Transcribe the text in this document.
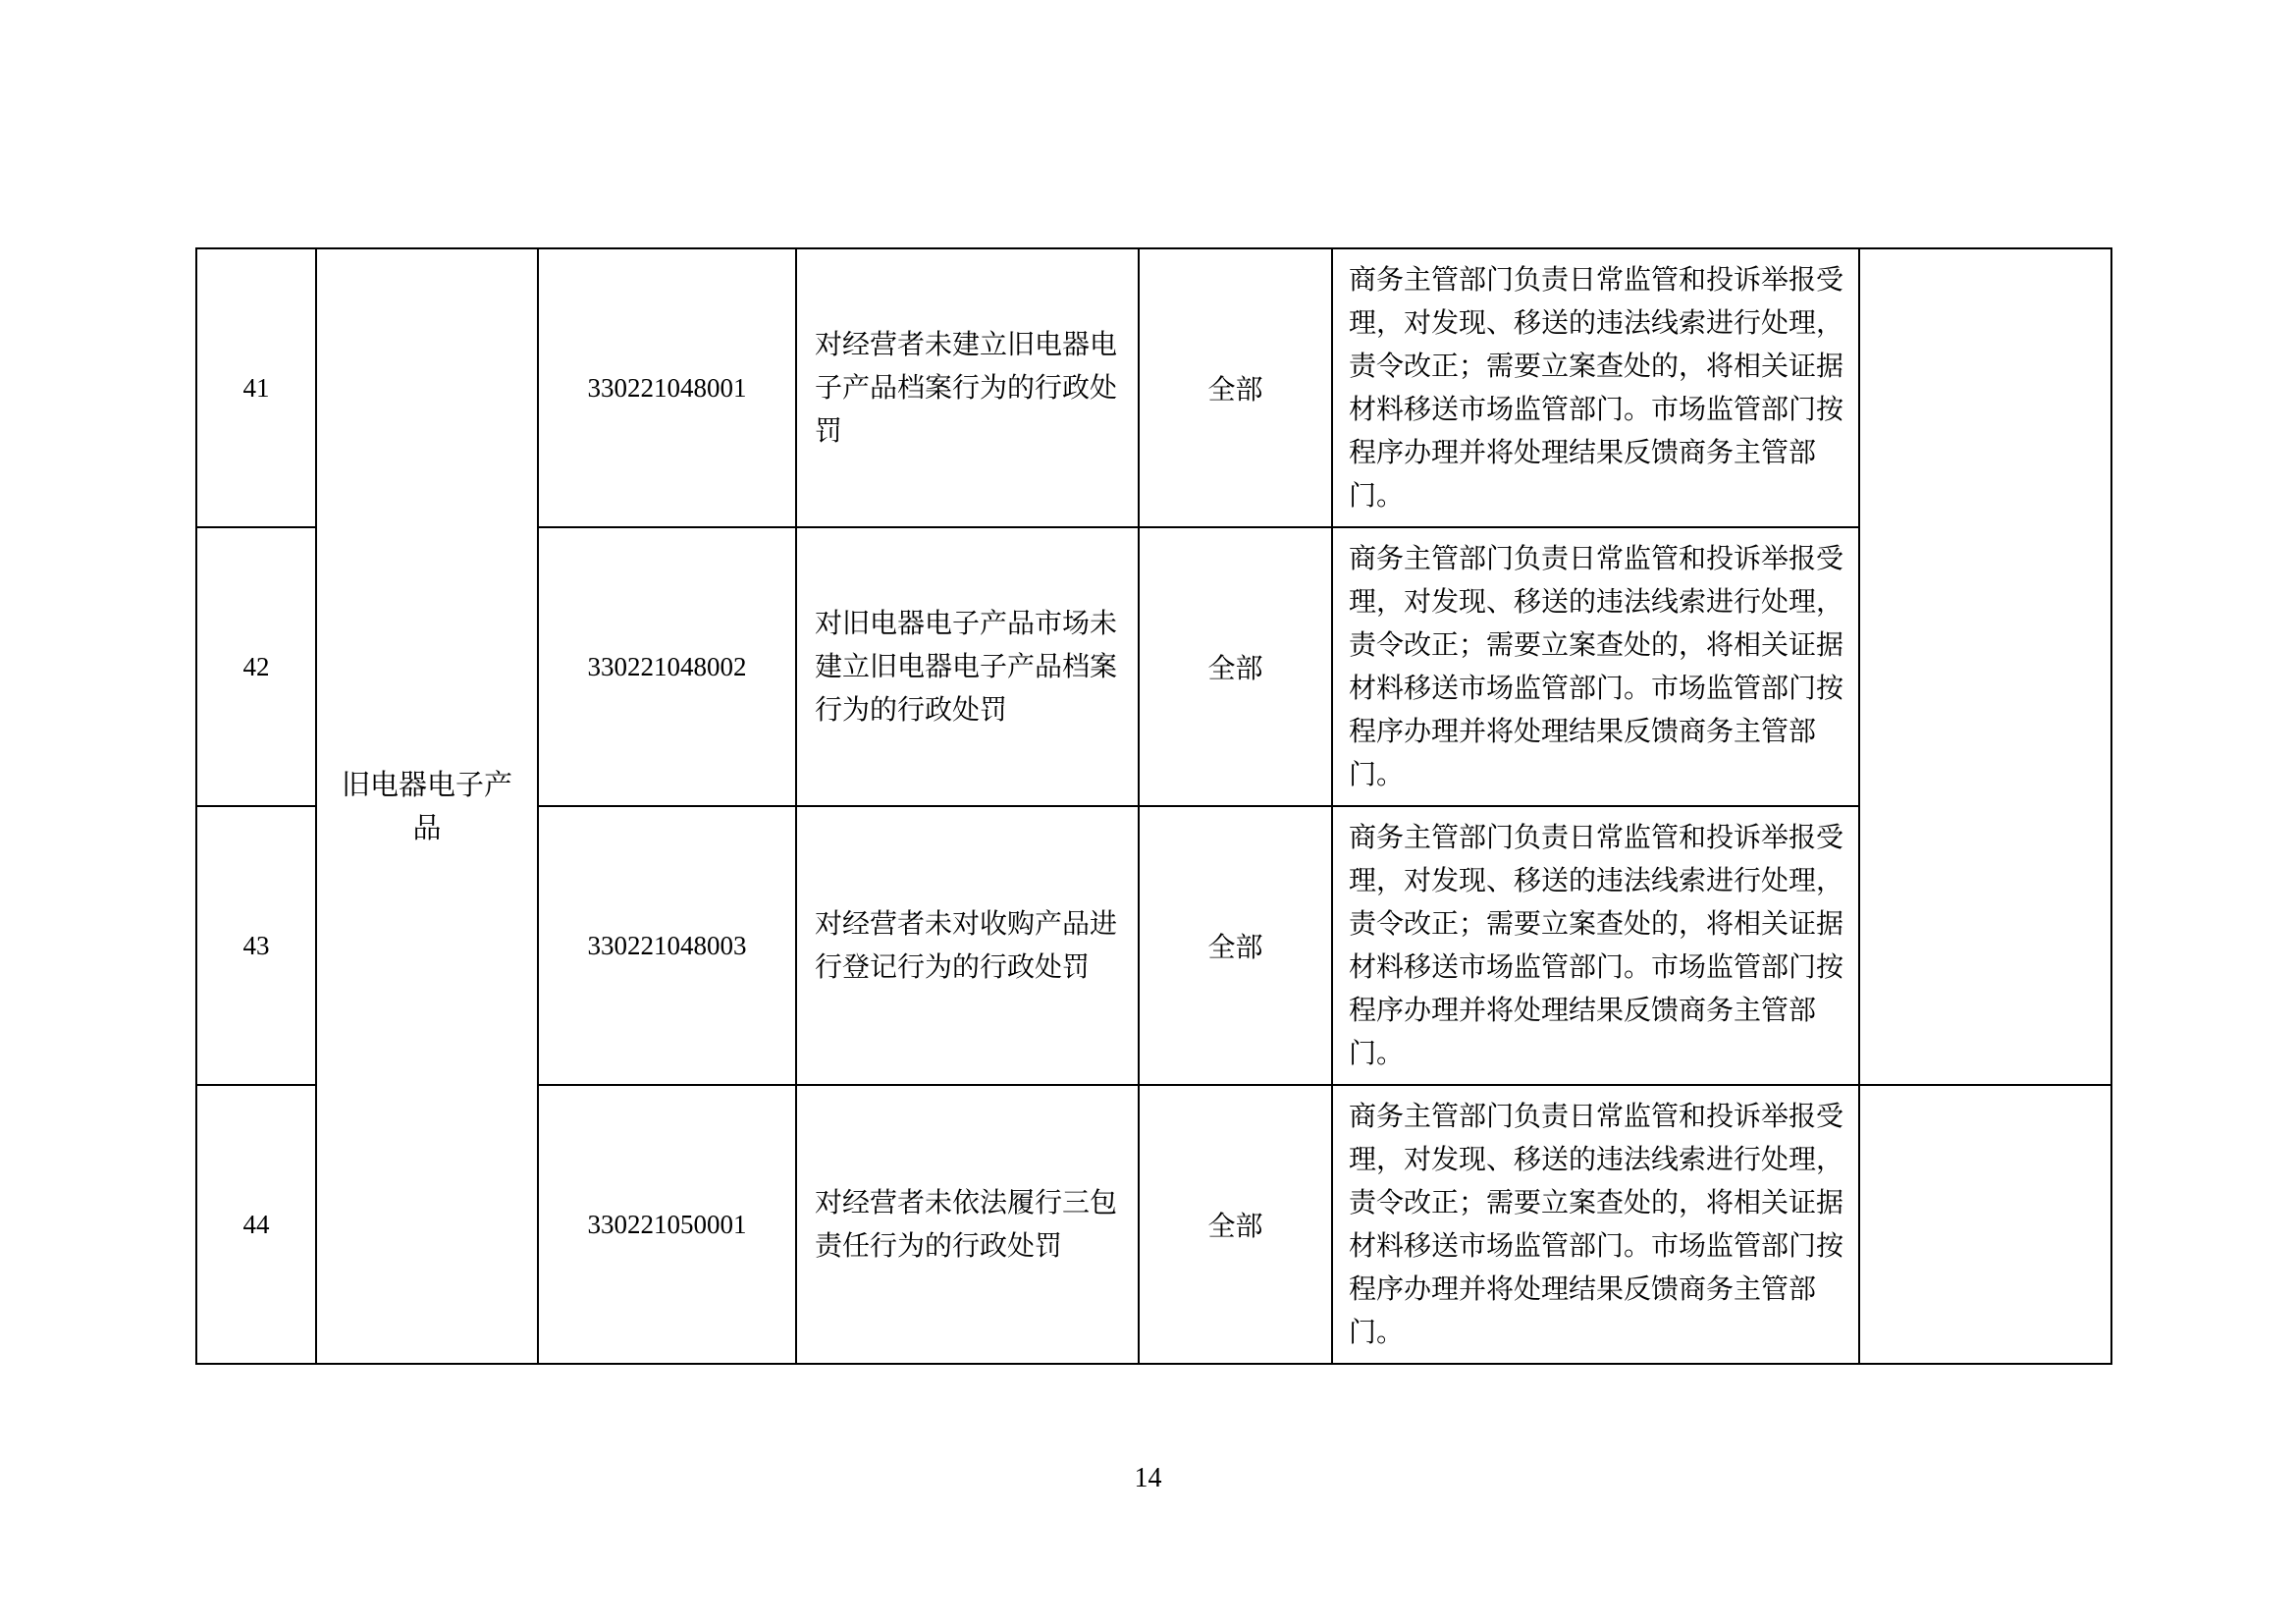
41	旧电器电子产品	330221048001	对经营者未建立旧电器电子产品档案行为的行政处罚	全部	商务主管部门负责日常监管和投诉举报受理，对发现、移送的违法线索进行处理，责令改正；需要立案查处的，将相关证据材料移送市场监管部门。市场监管部门按程序办理并将处理结果反馈商务主管部门。	
42		330221048002	对旧电器电子产品市场未建立旧电器电子产品档案行为的行政处罚	全部	商务主管部门负责日常监管和投诉举报受理，对发现、移送的违法线索进行处理，责令改正；需要立案查处的，将相关证据材料移送市场监管部门。市场监管部门按程序办理并将处理结果反馈商务主管部门。	
43		330221048003	对经营者未对收购产品进行登记行为的行政处罚	全部	商务主管部门负责日常监管和投诉举报受理，对发现、移送的违法线索进行处理，责令改正；需要立案查处的，将相关证据材料移送市场监管部门。市场监管部门按程序办理并将处理结果反馈商务主管部门。	
44		330221050001	对经营者未依法履行三包责任行为的行政处罚	全部	商务主管部门负责日常监管和投诉举报受理，对发现、移送的违法线索进行处理，责令改正；需要立案查处的，将相关证据材料移送市场监管部门。市场监管部门按程序办理并将处理结果反馈商务主管部门。	
14
